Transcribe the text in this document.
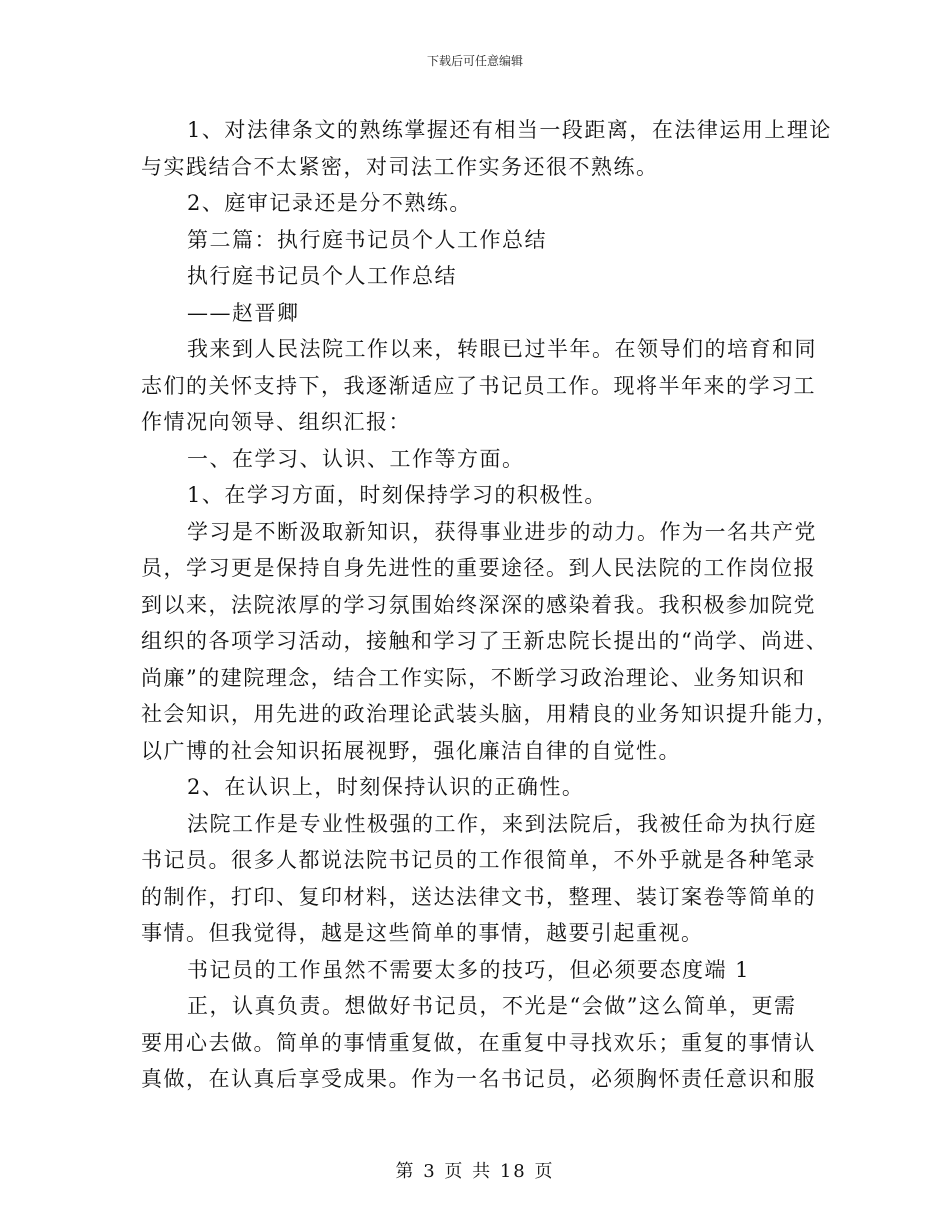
下载后可任意编辑
1、对法律条文的熟练掌握还有相当一段距离，在法律运用上理论
与实践结合不太紧密，对司法工作实务还很不熟练。
2、庭审记录还是分不熟练。
第二篇：执行庭书记员个人工作总结
执行庭书记员个人工作总结
——赵晋卿
我来到人民法院工作以来，转眼已过半年。在领导们的培育和同
志们的关怀支持下，我逐渐适应了书记员工作。现将半年来的学习工
作情况向领导、组织汇报：
一、在学习、认识、工作等方面。
1、在学习方面，时刻保持学习的积极性。
学习是不断汲取新知识，获得事业进步的动力。作为一名共产党
员，学习更是保持自身先进性的重要途径。到人民法院的工作岗位报
到以来，法院浓厚的学习氛围始终深深的感染着我。我积极参加院党
组织的各项学习活动，接触和学习了王新忠院长提出的“尚学、尚进、
尚廉”的建院理念，结合工作实际，不断学习政治理论、业务知识和
社会知识，用先进的政治理论武装头脑，用精良的业务知识提升能力，
以广博的社会知识拓展视野，强化廉洁自律的自觉性。
2、在认识上，时刻保持认识的正确性。
法院工作是专业性极强的工作，来到法院后，我被任命为执行庭
书记员。很多人都说法院书记员的工作很简单，不外乎就是各种笔录
的制作，打印、复印材料，送达法律文书，整理、装订案卷等简单的
事情。但我觉得，越是这些简单的事情，越要引起重视。
书记员的工作虽然不需要太多的技巧，但必须要态度端 1
正，认真负责。想做好书记员，不光是“会做”这么简单，更需
要用心去做。简单的事情重复做，在重复中寻找欢乐；重复的事情认
真做，在认真后享受成果。作为一名书记员，必须胸怀责任意识和服
第 3 页 共 18 页
